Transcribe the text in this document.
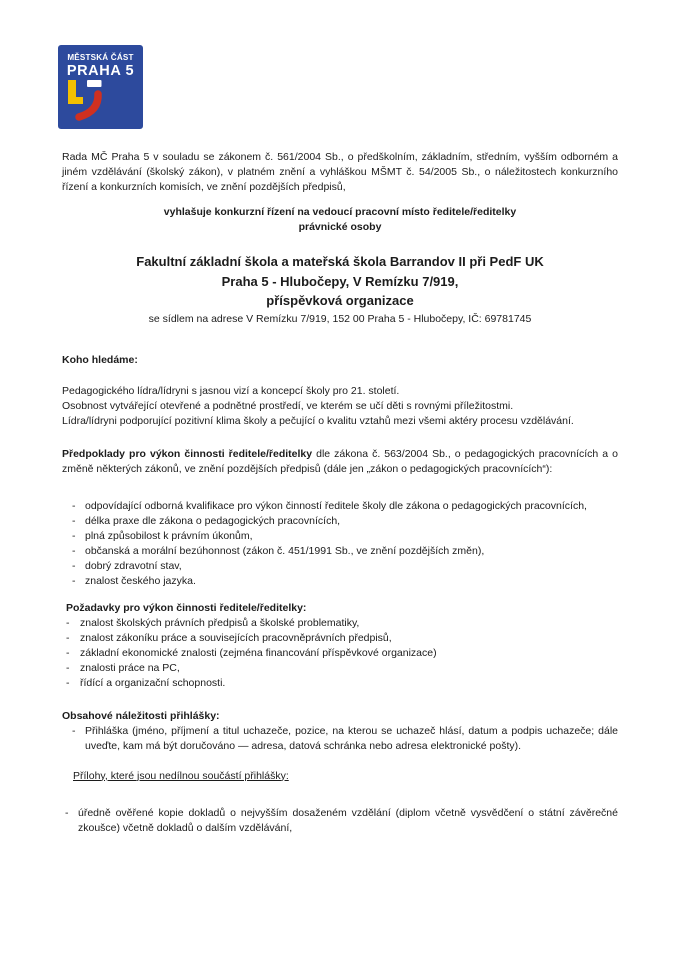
MĚSTSKÁ ČÁST
PRAHA 5

Rada MČ Praha 5 v souladu se zákonem č. 561/2004 Sb., o předškolním, základním, středním, vyšším odborném a jiném vzdělávání (školský zákon), v platném znění a vyhláškou MŠMT č. 54/2005 Sb., o náležitostech konkurzního řízení a konkurzních komisích, ve znění pozdějších předpisů,

vyhlašuje konkurzní řízení na vedoucí pracovní místo ředitele/ředitelky
právnické osoby
Fakultní základní škola a mateřská škola Barrandov II při PedF UK
Praha 5 - Hlubočepy, V Remízku 7/919,
příspěvková organizace
se sídlem na adrese V Remízku 7/919, 152 00 Praha 5 - Hlubočepy, IČ: 69781745
Koho hledáme:
Pedagogického lídra/lídryni s jasnou vizí a koncepcí školy pro 21. století.
Osobnost vytvářející otevřené a podnětné prostředí, ve kterém se učí děti s rovnými příležitostmi.
Lídra/lídryni podporující pozitivní klima školy a pečující o kvalitu vztahů mezi všemi aktéry procesu vzdělávání.

Předpoklady pro výkon činnosti ředitele/ředitelky dle zákona č. 563/2004 Sb., o pedagogických pracovnících a o změně některých zákonů, ve znění pozdějších předpisů (dále jen „zákon o pedagogických pracovnících“):

- odpovídající odborná kvalifikace pro výkon činností ředitele školy dle zákona o pedagogických pracovnících,
- délka praxe dle zákona o pedagogických pracovnících,
- plná způsobilost k právním úkonům,
- občanská a morální bezúhonnost (zákon č. 451/1991 Sb., ve znění pozdějších změn),
- dobrý zdravotní stav,
- znalost českého jazyka.
Požadavky pro výkon činnosti ředitele/ředitelky:
-	znalost školských právních předpisů a školské problematiky,
-	znalost zákoníku práce a souvisejících pracovněprávních předpisů,
-	základní ekonomické znalosti (zejména financování příspěvkové organizace)
-	znalosti práce na PC,
-	řídící a organizační schopnosti.
Obsahové náležitosti přihlášky:
- Přihláška (jméno, příjmení a titul uchazeče, pozice, na kterou se uchazeč hlásí, datum a podpis uchazeče; dále uveďte, kam má být doručováno — adresa, datová schránka nebo adresa elektronické pošty).
Přílohy, které jsou nedílnou součástí přihlášky:
- úředně ověřené kopie dokladů o nejvyšším dosaženém vzdělání (diplom včetně vysvědčení o státní závěrečné zkoušce) včetně dokladů o dalším vzdělávání,
